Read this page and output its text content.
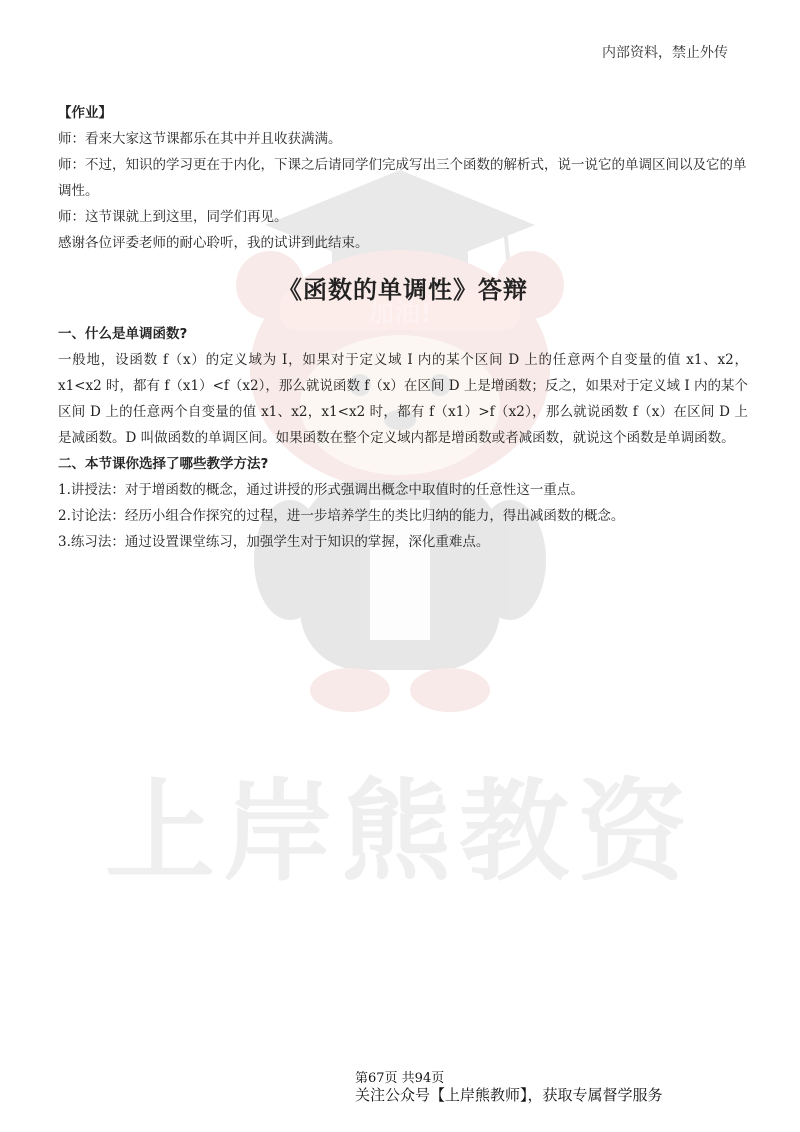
加油!
上岸熊教资
内部资料，禁止外传

【作业】

师：看来大家这节课都乐在其中并且收获满满。

师：不过，知识的学习更在于内化，下课之后请同学们完成写出三个函数的解析式，说一说它的单调区间以及它的单调性。

师：这节课就上到这里，同学们再见。

感谢各位评委老师的耐心聆听，我的试讲到此结束。

《函数的单调性》答辩

一、什么是单调函数?

一般地，设函数 f（x）的定义域为 I，如果对于定义域 I 内的某个区间 D 上的任意两个自变量的值 x1、x2，x1<x2 时，都有 f（x1）<f（x2），那么就说函数 f（x）在区间 D 上是增函数；反之，如果对于定义域 I 内的某个区间 D 上的任意两个自变量的值 x1、x2，x1<x2 时，都有 f（x1）>f（x2），那么就说函数 f（x）在区间 D 上是减函数。D 叫做函数的单调区间。如果函数在整个定义域内都是增函数或者减函数，就说这个函数是单调函数。

二、本节课你选择了哪些教学方法?

1.讲授法：对于增函数的概念，通过讲授的形式强调出概念中取值时的任意性这一重点。

2.讨论法：经历小组合作探究的过程，进一步培养学生的类比归纳的能力，得出减函数的概念。

3.练习法：通过设置课堂练习，加强学生对于知识的掌握，深化重难点。

第67页 共94页
关注公众号【上岸熊教师】，获取专属督学服务
